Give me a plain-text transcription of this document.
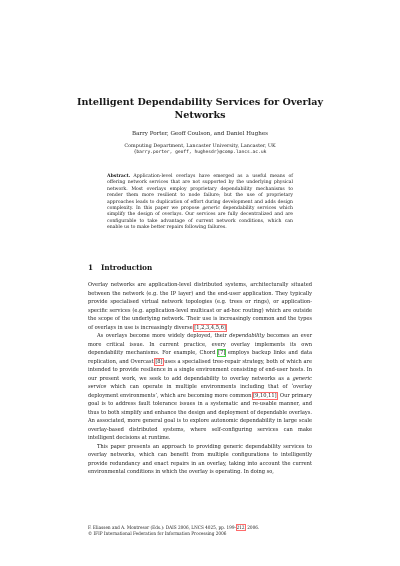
Intelligent Dependability Services for Overlay
Networks
Barry Porter, Geoff Coulson, and Daniel Hughes
Computing Department, Lancaster University, Lancaster, UK
{barry.porter, geoff, hughesdr}@comp.lancs.ac.uk
Abstract. Application-level overlays have emerged as a useful means of offering network services that are not supported by the underlying physical network. Most overlays employ proprietary dependability mechanisms to render them more resilient to node failure; but the use of proprietary approaches leads to duplication of effort during development and adds design complexity. In this paper we propose generic dependability services which simplify the design of overlays. Our services are fully decentralized and are configurable to take advantage of current network conditions, which can enable us to make better repairs following failures.
1 Introduction

Overlay networks are application-level distributed systems, architecturally situated between the network (e.g. the IP layer) and the end-user application. They typically provide specialised virtual network topologies (e.g. trees or rings), or application-specific services (e.g. application-level multicast or ad-hoc routing) which are outside the scope of the underlying network. Their use is increasingly common and the types of overlays in use is increasingly diverse [1,2,3,4,5,6].

As overlays become more widely deployed, their dependability becomes an ever more critical issue. In current practice, every overlay implements its own dependability mechanisms. For example, Chord [7] employs backup links and data replication, and Overcast [8] uses a specialised tree-repair strategy, both of which are intended to provide resilience in a single environment consisting of end-user hosts. In our present work, we seek to add dependability to overlay networks as a generic service which can operate in multiple environments including that of ‘overlay deployment environments’, which are becoming more common [9,10,11]. Our primary goal is to address fault tolerance issues in a systematic and re-usable manner, and thus to both simplify and enhance the design and deployment of dependable overlays. An associated, more general goal is to explore autonomic dependability in large scale overlay-based distributed systems, where self-configuring services can make intelligent decisions at runtime.

This paper presents an approach to providing generic dependability services to overlay networks, which can benefit from multiple configurations to intelligently provide redundancy and enact repairs in an overlay, taking into account the current environmental conditions in which the overlay is operating. In doing so,

F. Eliassen and A. Montresor (Eds.): DAIS 2006, LNCS 4025, pp. 199–212, 2006.
© IFIP International Federation for Information Processing 2006
